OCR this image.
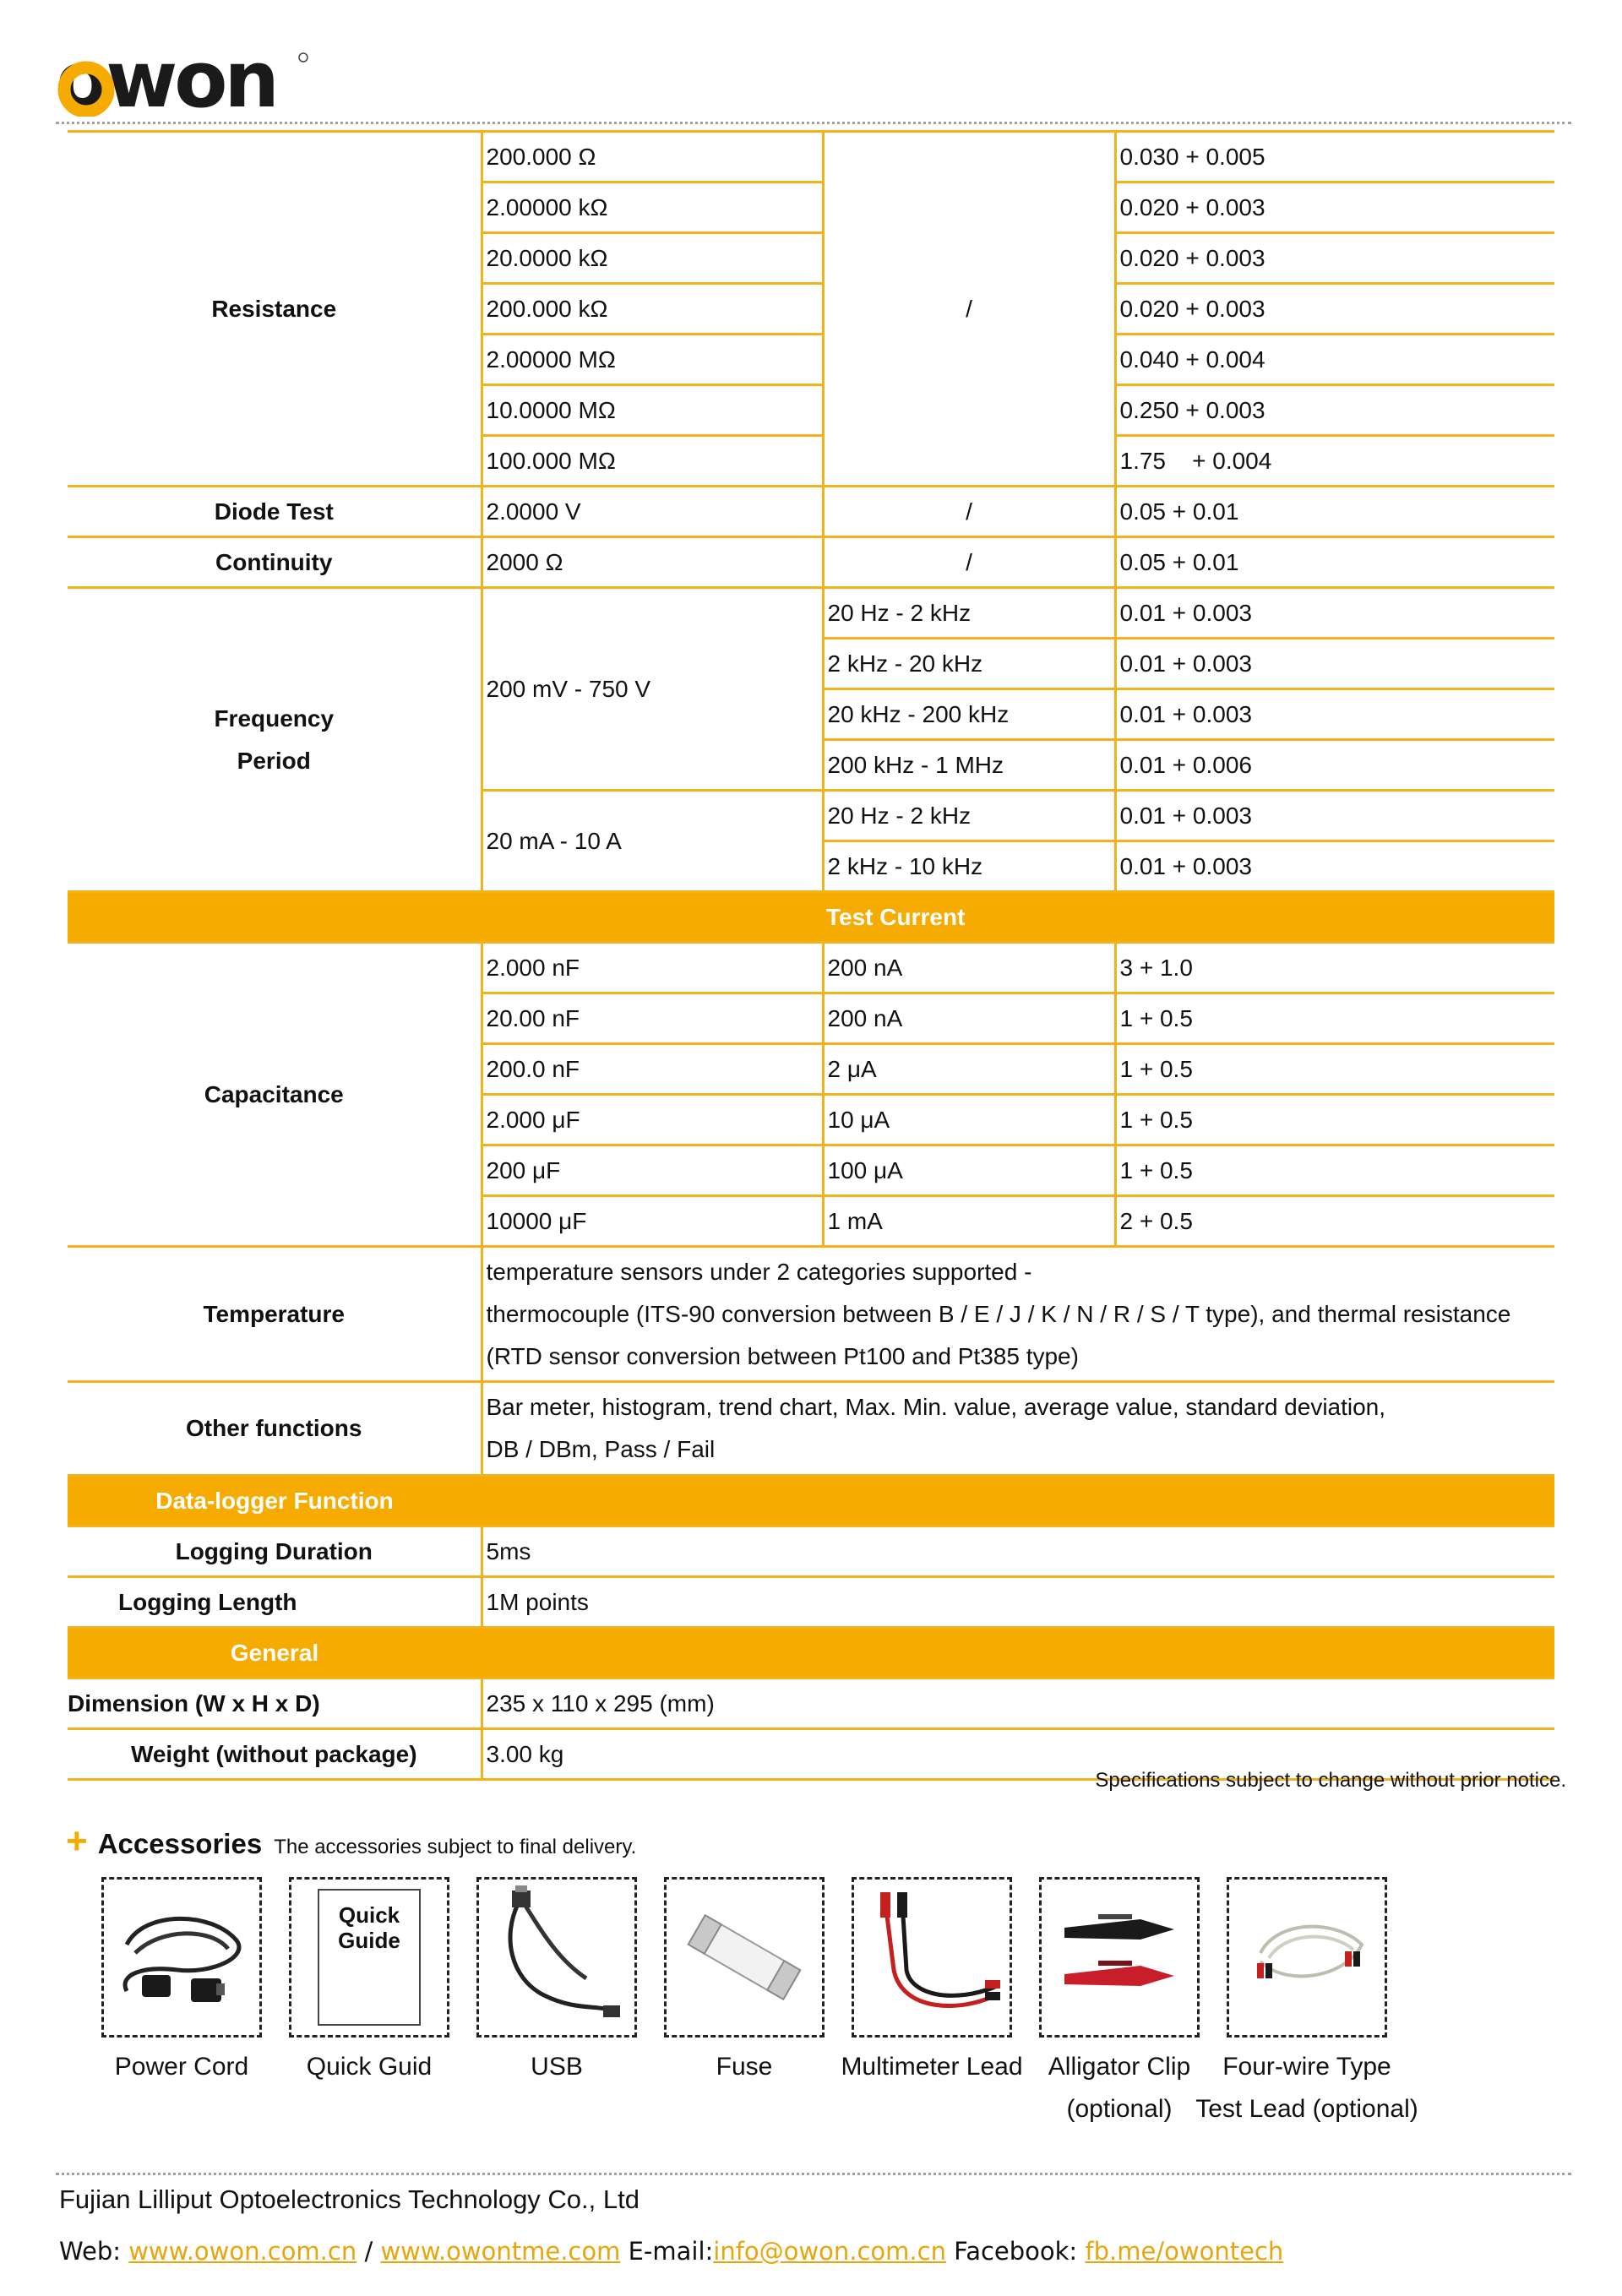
owon
Resistance	200.000 Ω	/	0.030 + 0.005
	2.00000 kΩ		0.020 + 0.003
	20.0000 kΩ		0.020 + 0.003
	200.000 kΩ		0.020 + 0.003
	2.00000 MΩ		0.040 + 0.004
	10.0000 MΩ		0.250 + 0.003
	100.000 MΩ		1.75    + 0.004
Diode Test	2.0000 V	/	0.05 + 0.01
Continuity	2000 Ω	/	0.05 + 0.01

Frequency
Period	200 mV - 750 V	20 Hz - 2 kHz	0.01 + 0.003
		2 kHz - 20 kHz	0.01 + 0.003
		20 kHz - 200 kHz	0.01 + 0.003
		200 kHz - 1 MHz	0.01 + 0.006
	20 mA - 10 A	20 Hz - 2 kHz	0.01 + 0.003
		2 kHz - 10 kHz	0.01 + 0.003
		Test Current	
Capacitance	2.000 nF	200 nA	3 + 1.0
	20.00 nF	200 nA	1 + 0.5
	200.0 nF	2 μA	1 + 0.5
	2.000 μF	10 μA	1 + 0.5
	200 μF	100 μA	1 + 0.5
	10000 μF	1 mA	2 + 0.5
Temperature	temperature sensors under 2 categories supported -
thermocouple (ITS-90 conversion between B / E / J / K / N / R / S / T type), and thermal resistance
(RTD sensor conversion between Pt100 and Pt385 type)		

Other functions	Bar meter, histogram, trend chart, Max. Min. value, average value, standard deviation,
DB / DBm, Pass / Fail		

Data-logger Function			
Logging Duration	5ms		
Logging Length	1M points		
General			
Dimension (W x H x D)	235 x 110 x 295 (mm)		
Weight (without package)	3.00 kg		
Specifications subject to change without prior notice.
+ Accessories The accessories subject to final delivery.
Power Cord
Quick
Guide
Quick Guid	USB	Fuse	Multimeter Lead	Alligator Clip
(optional)
Four-wire Type
Test Lead (optional)
Fujian Lilliput Optoelectronics Technology Co., Ltd
Web: www.owon.com.cn / www.owontme.com E-mail:info@owon.com.cn Facebook: fb.me/owontech
